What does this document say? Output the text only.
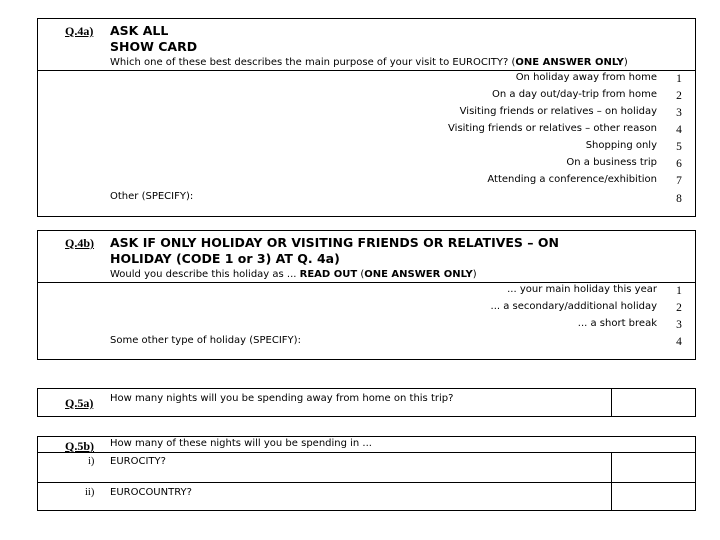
Q.4a) ASK ALL
SHOW CARD
Which one of these best describes the main purpose of your visit to EUROCITY? (ONE ANSWER ONLY)
On holiday away from home 1
On a day out/day-trip from home 2
Visiting friends or relatives – on holiday 3
Visiting friends or relatives – other reason 4
Shopping only 5
On a business trip 6
Attending a conference/exhibition 7
Other (SPECIFY):	8
Q.4b) ASK IF ONLY HOLIDAY OR VISITING FRIENDS OR RELATIVES – ON
HOLIDAY (CODE 1 or 3) AT Q. 4a)
Would you describe this holiday as ... READ OUT (ONE ANSWER ONLY)
... your main holiday this year 1
... a secondary/additional holiday 2
... a short break 3
Some other type of holiday (SPECIFY):	4
Q.5a) How many nights will you be spending away from home on this trip?
Q.5b) How many of these nights will you be spending in ...
i) EUROCITY?
ii) EUROCOUNTRY?
